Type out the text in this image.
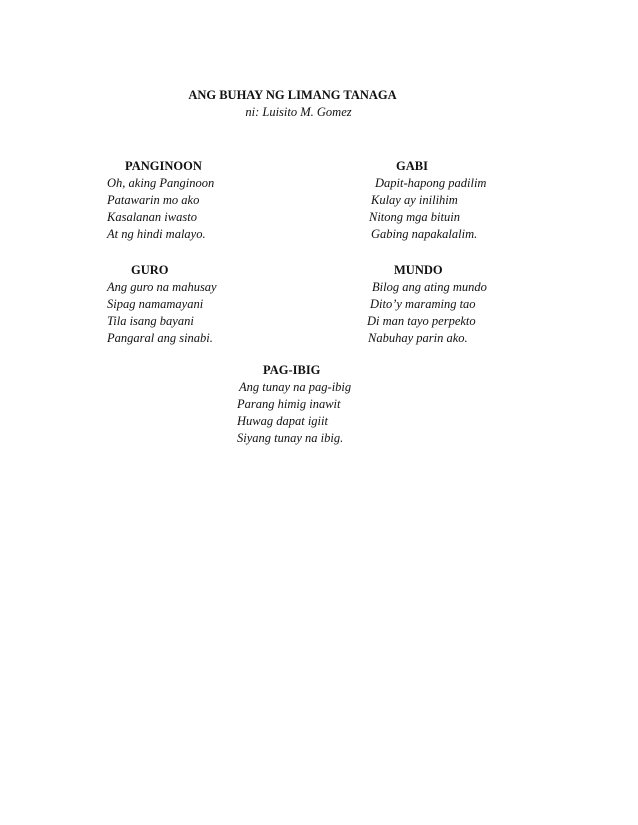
ANG BUHAY NG LIMANG TANAGA
ni: Luisito M. Gomez
PANGINOON
Oh, aking Panginoon
Patawarin mo ako
Kasalanan iwasto
At ng hindi malayo.
GABI
Dapit-hapong padilim
Kulay ay inilihim
Nitong mga bituin
Gabing napakalalim.
GURO
Ang guro na mahusay
Sipag namamayani
Tila isang bayani
Pangaral ang sinabi.
MUNDO
Bilog ang ating mundo
Dito’y maraming tao
Di man tayo perpekto
Nabuhay parin ako.
PAG-IBIG
Ang tunay na pag-ibig
Parang himig inawit
Huwag dapat igiit
Siyang tunay na ibig.
